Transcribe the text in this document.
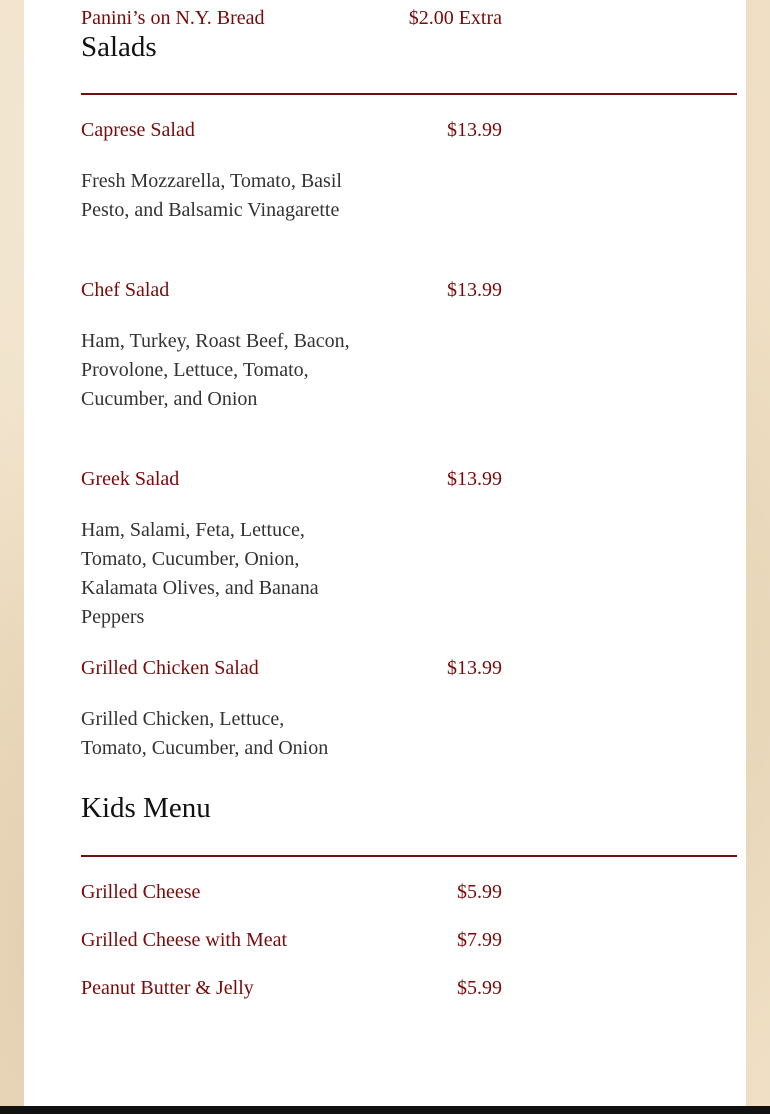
Panini’s on N.Y. Bread	$2.00 Extra
Salads
Caprese Salad	$13.99
Fresh Mozzarella, Tomato, Basil Pesto, and Balsamic Vinagarette
Chef Salad	$13.99
Ham, Turkey, Roast Beef, Bacon, Provolone, Lettuce, Tomato, Cucumber, and Onion
Greek Salad	$13.99
Ham, Salami, Feta, Lettuce, Tomato, Cucumber, Onion, Kalamata Olives, and Banana Peppers
Grilled Chicken Salad	$13.99
Grilled Chicken, Lettuce, Tomato, Cucumber, and Onion
Kids Menu
Grilled Cheese	$5.99
Grilled Cheese with Meat	$7.99
Peanut Butter & Jelly	$5.99
